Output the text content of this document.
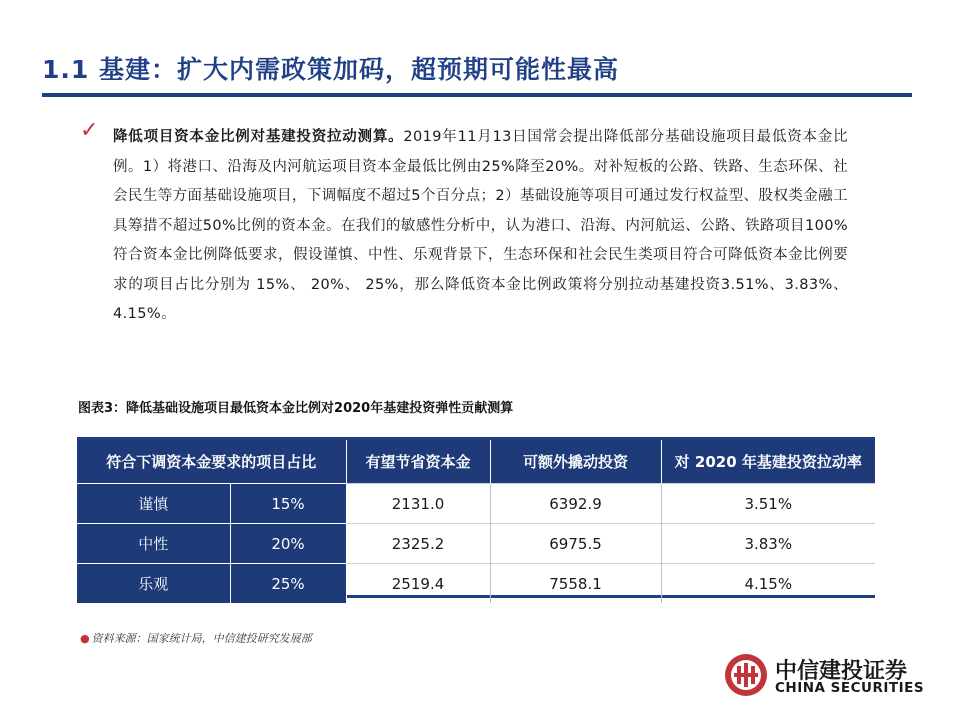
1.1 基建：扩大内需政策加码，超预期可能性最高
✓ 降低项目资本金比例对基建投资拉动测算。2019年11月13日国常会提出降低部分基础设施项目最低资本金比例。1）将港口、沿海及内河航运项目资本金最低比例由25%降至20%。对补短板的公路、铁路、生态环保、社会民生等方面基础设施项目，下调幅度不超过5个百分点；2）基础设施等项目可通过发行权益型、股权类金融工具筹措不超过50%比例的资本金。在我们的敏感性分析中，认为港口、沿海、内河航运、公路、铁路项目100%符合资本金比例降低要求，假设谨慎、中性、乐观背景下，生态环保和社会民生类项目符合可降低资本金比例要求的项目占比分别为 15%、 20%、 25%，那么降低资本金比例政策将分别拉动基建投资3.51%、3.83%、4.15%。
图表3：降低基础设施项目最低资本金比例对2020年基建投资弹性贡献测算
符合下调资本金要求的项目占比		有望节省资本金	可额外撬动投资	对 2020 年基建投资拉动率
谨慎	15%	2131.0	6392.9	3.51%
中性	20%	2325.2	6975.5	3.83%
乐观	25%	2519.4	7558.1	4.15%
● 资料来源：国家统计局，中信建投研究发展部
中信建投证券
CHINA SECURITIES
